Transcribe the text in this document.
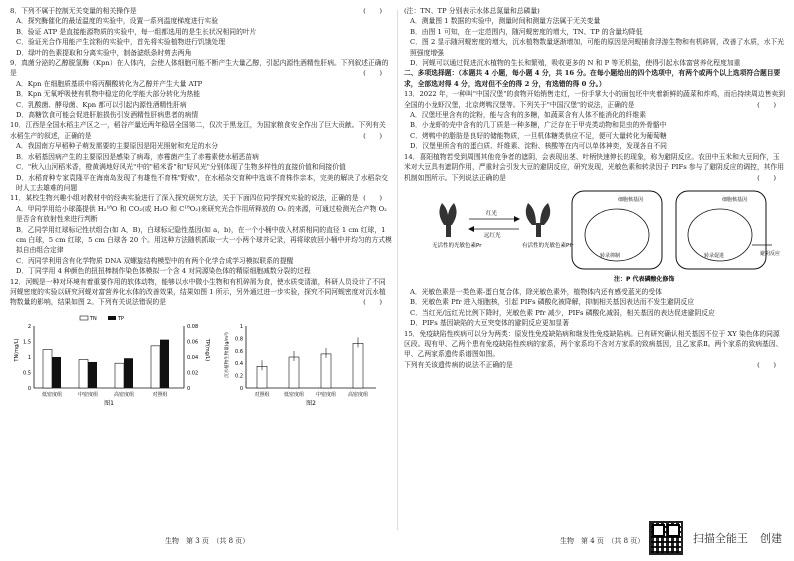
8．下列不属于控制无关变量的相关操作是	(　　)

A．探究酶催化的最适温度的实验中，设置一系列温度梯度进行实验
B．验证 ATP 是直接能源物质的实验中，每一组都选用的是生长状况相同的叶片
C．验证光合作用能产生淀粉的实验中，首先将实验植物进行饥饿处理
D．绿叶的色素提取和分离实验中，制备滤纸条时剪去两角

9．真菌分泌的乙醇脱氢酶（Kpn）在人体内，会使人体细胞可能不断产生大量乙醇，引起内源性酒精性肝病。下列叙述正确的是	(　　)

A．Kpn 在细胞质基质中将丙酮酸转化为乙醇并产生大量 ATP
B．Kpn 无氧呼吸使有机物中稳定的化学能大部分转化为热能
C．乳酸菌、酵母菌、Kpn 都可以引起内源性酒精性肝病
D．高糖饮食可能会促进肝脏损伤引发酒精性肝病患者的病情

10．江西是全国水稻主产区之一，稻谷产量近两年稳居全国第二，仅次于黑龙江，为国家粮食安全作出了巨大贡献。下列有关水稻生产的叙述，正确的是	(　　)

A．我国南方早稻种子萌发需要的主要原因是阳光照射和充足的水分
B．水稻基因病产生的主要原因是感染了病毒，赤霉菌产生了赤霉素使水稻恶苗病
C．"秋入山河稻米香，橙黄满地好风光"中的"稻米香"和"好风光"分别体现了生物多样性的直接价值和间接价值
D．水稻育种专家袁隆平在海南岛发现了有雄性不育株"野败"，在水稻杂交育种中选该不育株作亲本，完美的解决了水稻杂交时人工去雄难的问题

11．某校生物兴趣小组对教材中的经典实验进行了深入探究研究方法，关于下面四位同学探究实验的说法，正确的是 (　　)

A．甲同学用给小球藻提供 H₂¹⁸O 和 CO₂(或 H₂O 和 C¹⁸O₂)来研究光合作用所释放的 O₂ 的来源，可通过检测光合产物 O₂ 是否含有放射性来进行判断
B．乙同学用红球标记性状组合(如 A，B)，白球标记隐性基因(如 a，b)，在一个小桶中放入材质相同的直径 1 cm 红球，1 cm 白球，5 cm 红球，5 cm 白球各 20 个。用这种方法随机抓取一大一小两个球并记录，再将球放回小桶中并均匀的方式模拟自由组合定律
C．丙同学利用含有化学物质 DNA 双螺旋结构模型中的有两个化学合成学习模拟联系的提醒
D．丁同学用 4 种颜色的扭扭棒制作染色体模拟一个含 4 对同源染色体的精原细胞减数分裂的过程

12．河蚬是一种对环境有着重要作用的软体动物，能够以水中微小生物和有机碎屑为食，使水质变清澈，科研人员设计了不同河蚬密度的实验以研究河蚬对富营养化水体的改善效果，结果如图 1 所示，另外通过进一步实验，探究不同河蚬密度对沉水植物数量的影响，结果如图 2。下列有关说法错误的是	(　　)

0
0.5
1
1.5
2
0
0.02
0.04
0.06
0.08
TN(mg/L)	TP(mg/L)
TN	TP
低密度组	中密度组	高密度组	对照组
图1
0
0.2
0.4
0.6
0.8
1
沉水植物生物量(g/m²)
对照组	低密度组 中密度组 高密度组
图2
生物　第 3 页　（共 8 页）
(注：TN、TP 分别表示水体总氮量和总磷量)
A．测量图 1 数据的实验中，测量时间和测量方法属于无关变量
B．由图 1 可知，在一定范围内，随河蚬密度的增大，TN、TP 的含量均降低
C．图 2 显示随河蚬密度的增大，沉水植物数量逐渐增加，可能的原因是河蚬捕食浮游生物和有机碎屑，改善了水质，水下光照强度增强
D．河蚬可以通过促进沉水植物的生长和繁殖，吸收更多的 N 和 P 等无机盐，使得引起水体富营养化程度加重

二、多项选择题：（本题共 4 小题，每小题 4 分，共 16 分。在每小题给出的四个选项中，有两个或两个以上选项符合题目要求，全部选对得 4 分，选对但不全的得 2 分，有选错的得 0 分。）

13．2022 年，一种叫"中国汉堡"的食物开始销售走红，一份手掌大小的面包坯中夹着新鲜的蔬菜和炸鸡，而后持续周边售卖到全国的小龙虾汉堡，北京烤鸭汉堡等。下列关于"中国汉堡"的说法，正确的是	(　　)

A．汉堡坯里含有的淀粉，能与含有的多糖，如蔬菜含有人体不能消化的纤维素
B．小龙虾的壳中含有的几丁质是一种多糖，广泛存在于甲壳类动物和昆虫的外骨骼中
C．烤鸭中的脂肪是良好的储能物质，一旦机体糖类供应不足，便可大量转化为葡萄糖
D．汉堡里所含有的蛋白质、纤维素、淀粉、核酸等在内可以单体神奕，发现各自不同

14．喜阳植物若受到周围其他竞争者的遮阴，会表现出茎、叶柄快速伸长的现象，称为避阴反应。农田中玉米和大豆间作，玉米对大豆具有遮阴作用，严重时会引发大豆的避阴反应，研究发现，光敏色素和转录因子 PIFs 参与了避阴反应的调控，其作用机制如图所示。下列说法正确的是	(　　)

无活性的光敏色素Pr
红光
远红光
有活性的光敏色素Pfr
细胞核基因
转录抑制
细胞核基因
转录促进	避阴反应
注：P 代表磷酸化修饰
A．光敏色素是一类色素-蛋白复合体，除光敏色素外，植物体内还有感受蓝光的受体
B．光敏色素 Pfr 进入细胞核，引起 PIFs 磷酸化被降解，抑制相关基因表达而不发生避阴反应
C．当红光/远红光比例下降时，光敏色素 Pfr 减少，PIFs 磷酸化减弱，相关基因的表达促进避阴反应
D．PIFs 基因缺陷的大豆突变体的避阴反应更加显著

15．免疫缺陷性疾病可以分为两类：原发性免疫缺陷病和继发性免疫缺陷病。已有研究确认相关基因不位于 XY 染色体的同源区段。现有甲、乙两个患有免疫缺陷性疾病的家系，两个家系均不含对方家系的致病基因，且乙家系Ⅱ。两个家系的致病基因、甲、乙两家系遗传系谱图如图。

下列有关该遗传病的说法不正确的是	(　　)

生物　第 4 页　（共 8 页）	扫描全能王 创建
